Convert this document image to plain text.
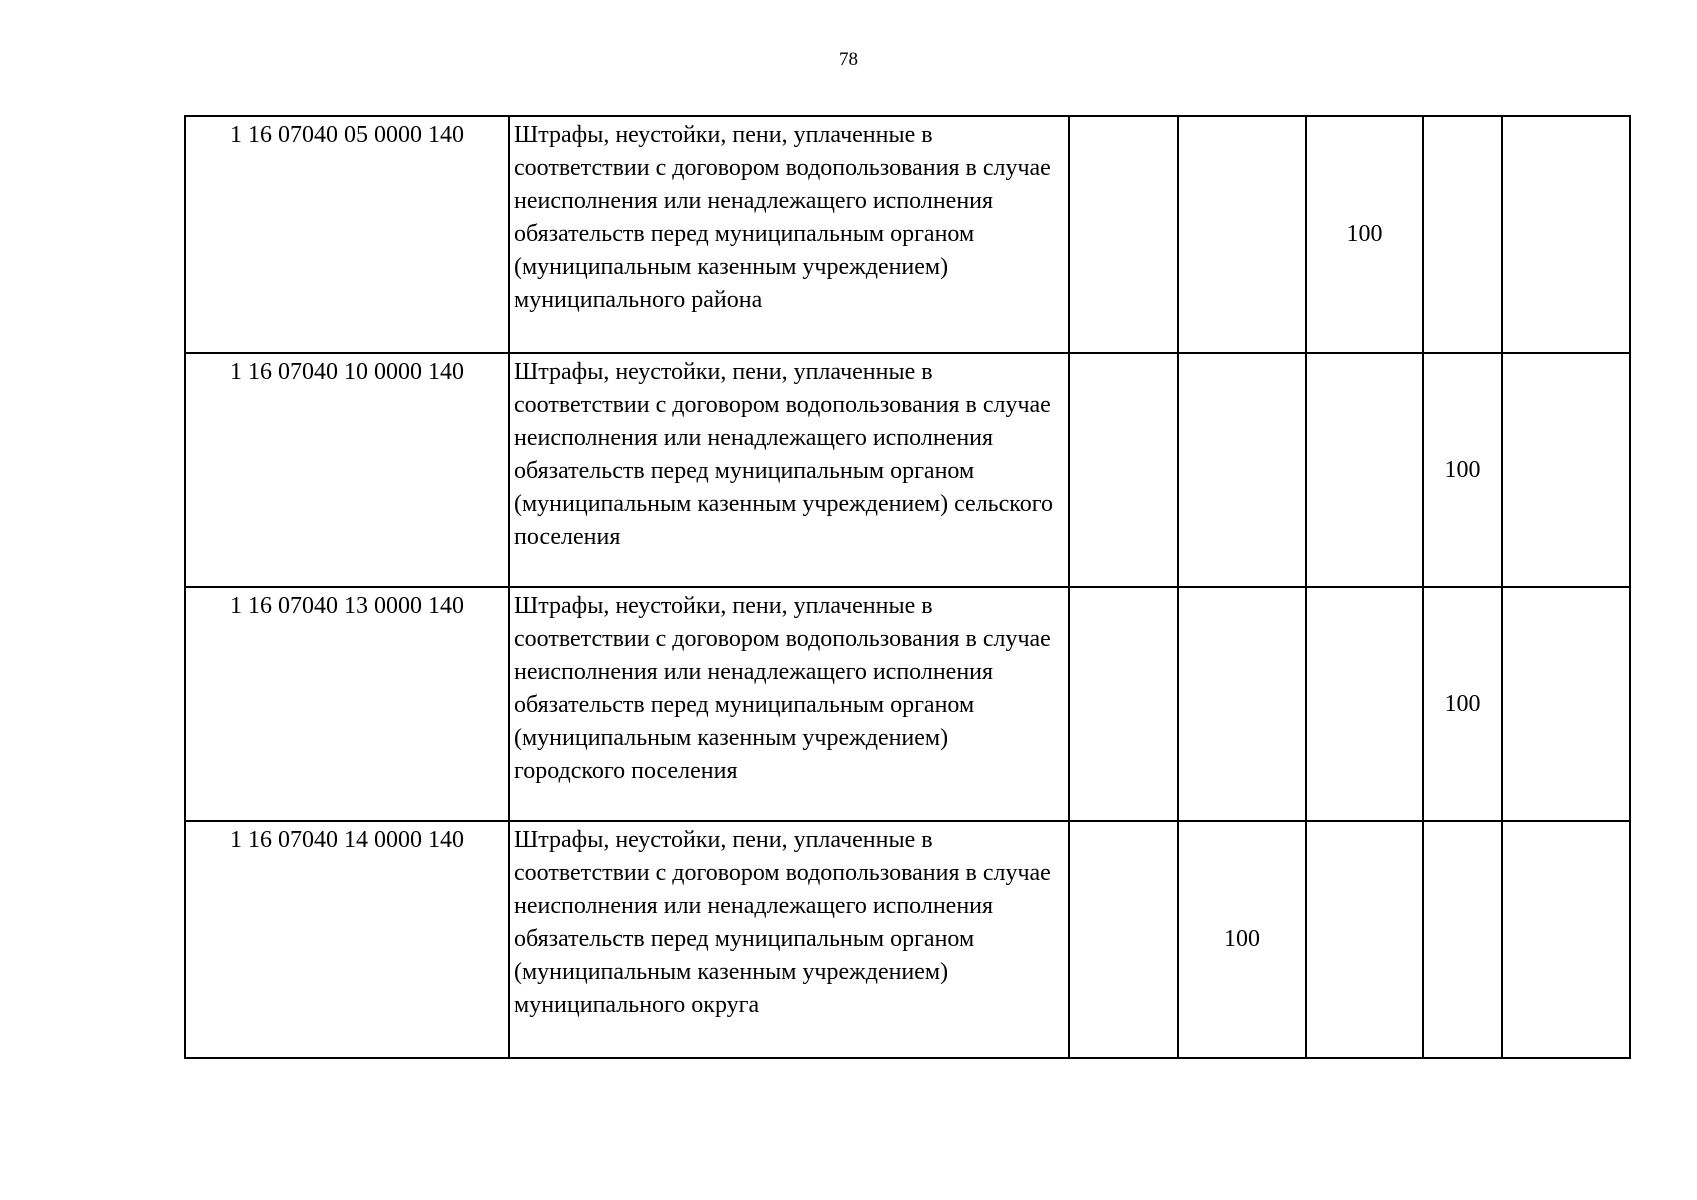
78
1 16 07040 05 0000 140	Штрафы, неустойки, пени, уплаченные в соответствии с договором водопользования в случае неисполнения или ненадлежащего исполнения обязательств перед муниципальным органом (муниципальным казенным учреждением) муниципального района			100		
1 16 07040 10 0000 140	Штрафы, неустойки, пени, уплаченные в соответствии с договором водопользования в случае неисполнения или ненадлежащего исполнения обязательств перед муниципальным органом (муниципальным казенным учреждением) сельского поселения				100	
1 16 07040 13 0000 140	Штрафы, неустойки, пени, уплаченные в соответствии с договором водопользования в случае неисполнения или ненадлежащего исполнения обязательств перед муниципальным органом (муниципальным казенным учреждением) городского поселения				100	
1 16 07040 14 0000 140	Штрафы, неустойки, пени, уплаченные в соответствии с договором водопользования в случае неисполнения или ненадлежащего исполнения обязательств перед муниципальным органом (муниципальным казенным учреждением) муниципального округа		100			
